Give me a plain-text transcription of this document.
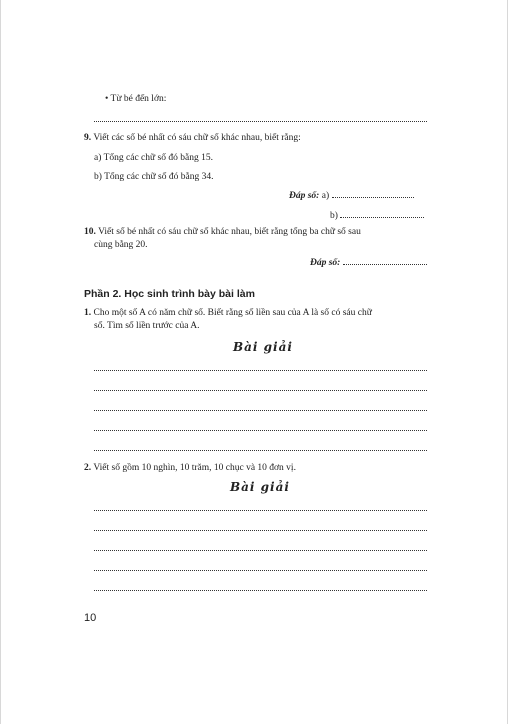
• Từ bé đến lớn:
9. Viết các số bé nhất có sáu chữ số khác nhau, biết rằng:
a) Tổng các chữ số đó bằng 15.
b) Tổng các chữ số đó bằng 34.
Đáp số: a)
b)
10. Viết số bé nhất có sáu chữ số khác nhau, biết rằng tổng ba chữ số sau
cùng bằng 20.
Đáp số:
Phần 2. Học sinh trình bày bài làm
1. Cho một số A có năm chữ số. Biết rằng số liền sau của A là số có sáu chữ
số. Tìm số liền trước của A.
Bài giải
2. Viết số gồm 10 nghìn, 10 trăm, 10 chục và 10 đơn vị.
Bài giải
10
